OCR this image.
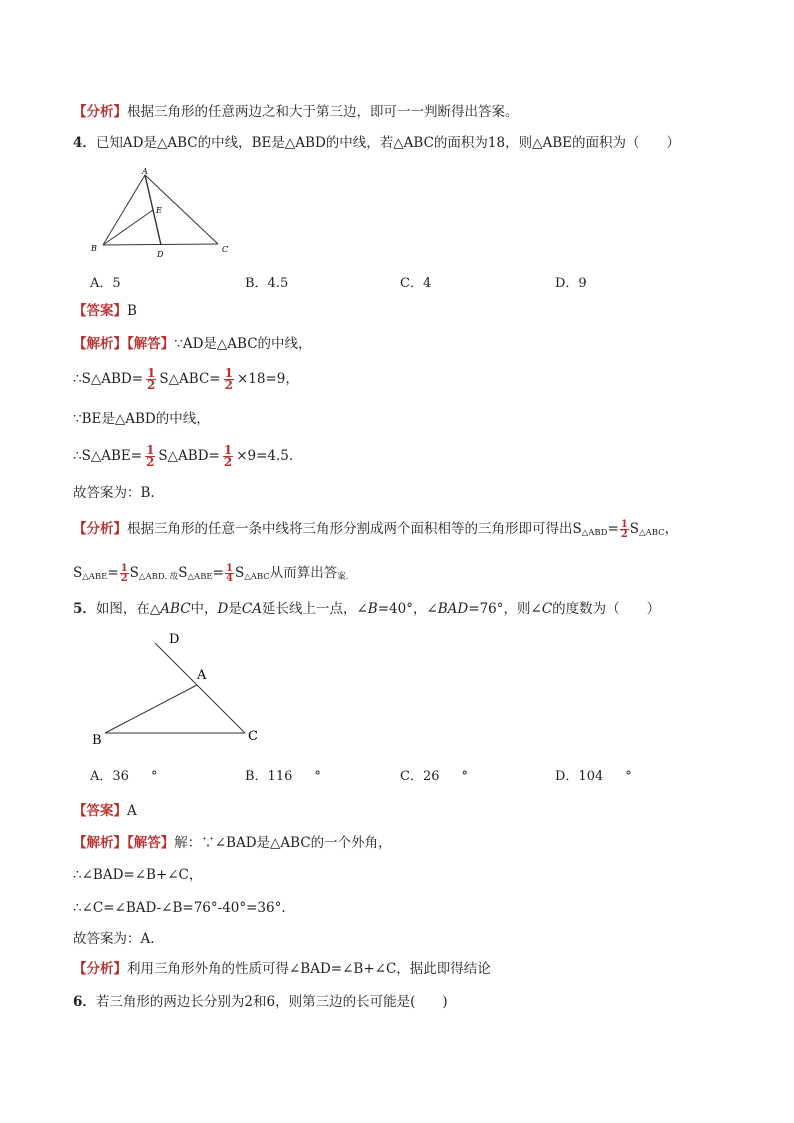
【分析】根据三角形的任意两边之和大于第三边，即可一一判断得出答案。
4．已知AD是△ABC的中线，BE是△ABD的中线，若△ABC的面积为18，则△ABE的面积为（　　）
A
E
B
D
C
A．5	B．4.5	C．4	D．9
【答案】B
【解析】【解答】∵AD是△ABC的中线，
∴S△ABD= $\frac{1}{2}$ S△ABC= $\frac{1}{2} \times 18=9$，
∵BE是△ABD的中线，
∴S△ABE= $\frac{1}{2}$ S△ABD= $\frac{1}{2} \times 9=4.5$.
故答案为：B.
【分析】根据三角形的任意一条中线将三角形分割成两个面积相等的三角形即可得出$S_{\triangle ABD}= \frac{1}{2} S_{\triangle ABC}$，
$S_{\triangle ABE}= \frac{1}{2} S_{\triangle ABD. 故}S_{\triangle ABE}= \frac{1}{4} S_{\triangle ABC}$从而算出答$_{案.}$
5．如图，在△ABC中，D是CA延长线上一点，∠B=40°，∠BAD=76°，则∠C的度数为（　　）
D
A
B	C
A．36 °	B．116 °	C．26 °	D．104 °
【答案】A
【解析】【解答】解：∵∠BAD是△ABC的一个外角，
∴∠BAD=∠B+∠C，
∴∠C=∠BAD-∠B=76°-40°=36°.
故答案为：A.
【分析】利用三角形外角的性质可得∠BAD=∠B+∠C，据此即得结论
6．若三角形的两边长分别为2和6，则第三边的长可能是(　　)
